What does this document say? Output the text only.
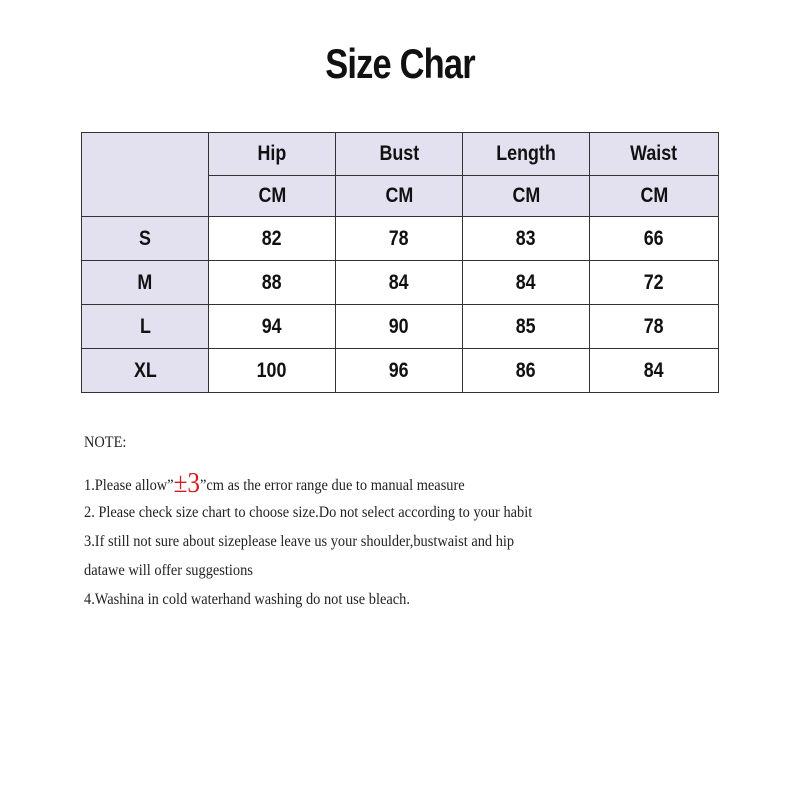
Size Char
	Hip	Bust	Length	Waist
	CM	CM	CM	CM
S	82	78	83	66
M	88	84	84	72
L	94	90	85	78
XL	100	96	86	84
NOTE:
1.Please allow”±3”cm as the error range due to manual measure
2. Please check size chart to choose size.Do not select according to your habit
3.If still not sure about sizeplease leave us your shoulder,bustwaist and hip
datawe will offer suggestions
4.Washina in cold waterhand washing do not use bleach.
